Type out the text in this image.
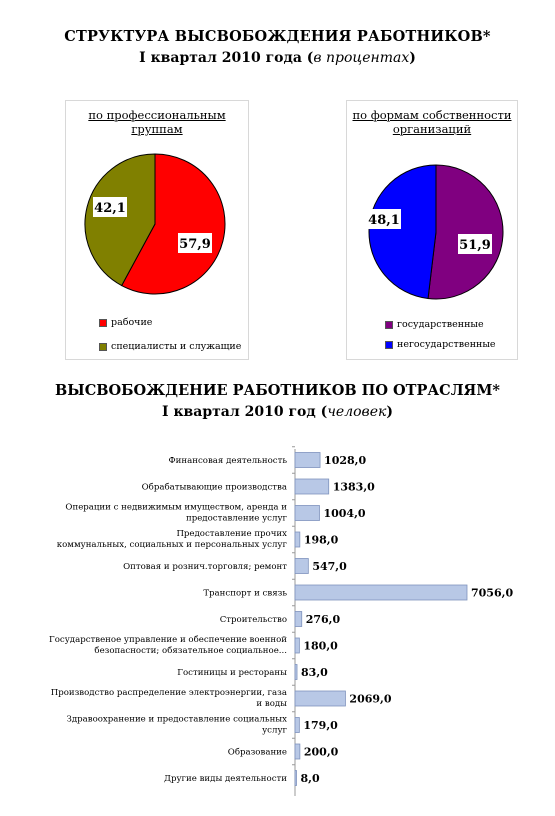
СТРУКТУРА ВЫСВОБОЖДЕНИЯ РАБОТНИКОВ*
I квартал 2010 года (в процентах)
по профессиональным группам
57,9
42,1
рабочие
специалисты и служащие
по формам собственности организаций
51,9
48,1
государственные
негосударственные
ВЫСВОБОЖДЕНИЕ РАБОТНИКОВ ПО ОТРАСЛЯМ*
I квартал 2010 год (человек)
1028,0
Финансовая деятельность
1383,0
Обрабатывающие производства
1004,0
Операции с недвижимым имуществом, аренда и предоставление услуг
198,0
Предоставление прочих коммунальных, социальных и персональных услуг
547,0
Оптовая и рознич.торговля; ремонт
7056,0
Транспорт и связь
276,0
Строительство
180,0
Государственое управление и обеспечение военной безопасности; обязательное социальное...
83,0
Гостиницы и рестораны
2069,0
Производство распределение электроэнергии, газа и воды
179,0
Здравоохранение и предоставление социальных услуг
200,0
Образование
8,0
Другие виды деятельности
